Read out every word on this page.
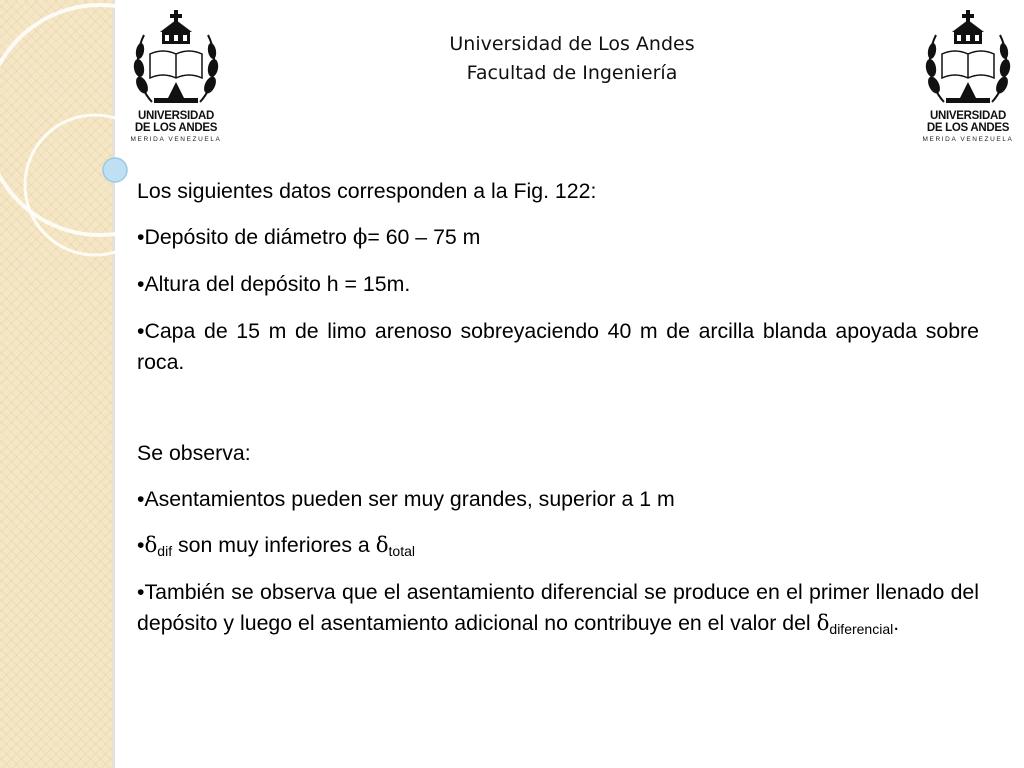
UNIVERSIDAD
DE LOS ANDES
MERIDA VENEZUELA
UNIVERSIDAD
DE LOS ANDES
MERIDA VENEZUELA
Universidad de Los Andes
Facultad de Ingeniería

Los siguientes datos corresponden a la Fig. 122:

•Depósito de diámetro ϕ= 60 – 75 m

•Altura del depósito h = 15m.

•Capa de 15 m de limo arenoso sobreyaciendo 40 m de arcilla blanda apoyada sobre roca.

Se observa:

•Asentamientos pueden ser muy grandes, superior a 1 m

$•\delta_{dif}$ son muy inferiores a $\delta_{total}$

•También se observa que el asentamiento diferencial se produce en el primer llenado del depósito y luego el asentamiento adicional no contribuye en el valor del $\delta_{diferencial}$.
